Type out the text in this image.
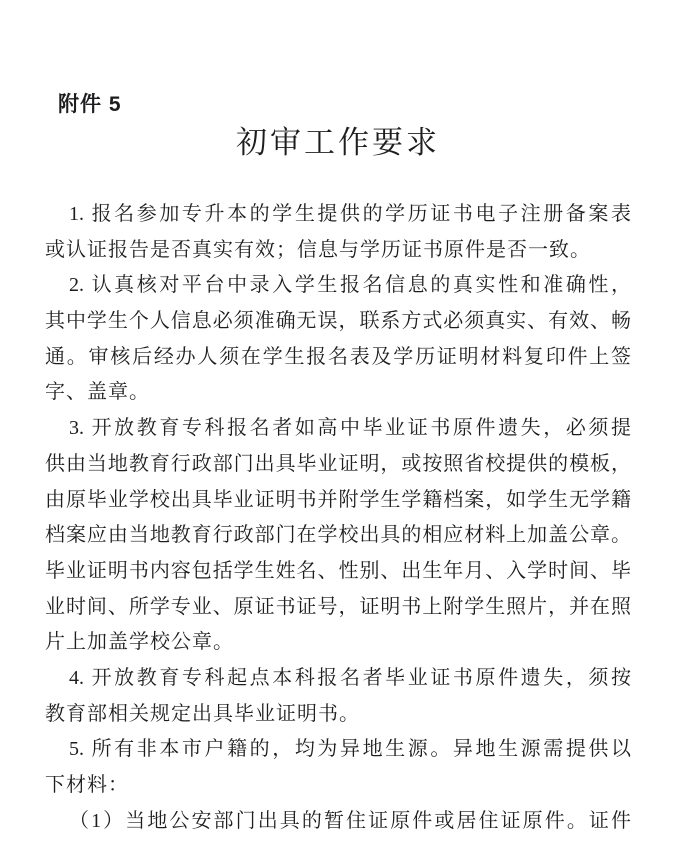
附件 5
初审工作要求
1. 报名参加专升本的学生提供的学历证书电子注册备案表
或认证报告是否真实有效；信息与学历证书原件是否一致。
2. 认真核对平台中录入学生报名信息的真实性和准确性，
其中学生个人信息必须准确无误，联系方式必须真实、有效、畅
通。审核后经办人须在学生报名表及学历证明材料复印件上签
字、盖章。
3. 开放教育专科报名者如高中毕业证书原件遗失，必须提
供由当地教育行政部门出具毕业证明，或按照省校提供的模板，
由原毕业学校出具毕业证明书并附学生学籍档案，如学生无学籍
档案应由当地教育行政部门在学校出具的相应材料上加盖公章。
毕业证明书内容包括学生姓名、性别、出生年月、入学时间、毕
业时间、所学专业、原证书证号，证明书上附学生照片，并在照
片上加盖学校公章。
4. 开放教育专科起点本科报名者毕业证书原件遗失，须按
教育部相关规定出具毕业证明书。
5. 所有非本市户籍的，均为异地生源。异地生源需提供以
下材料：
（1）当地公安部门出具的暂住证原件或居住证原件。证件
